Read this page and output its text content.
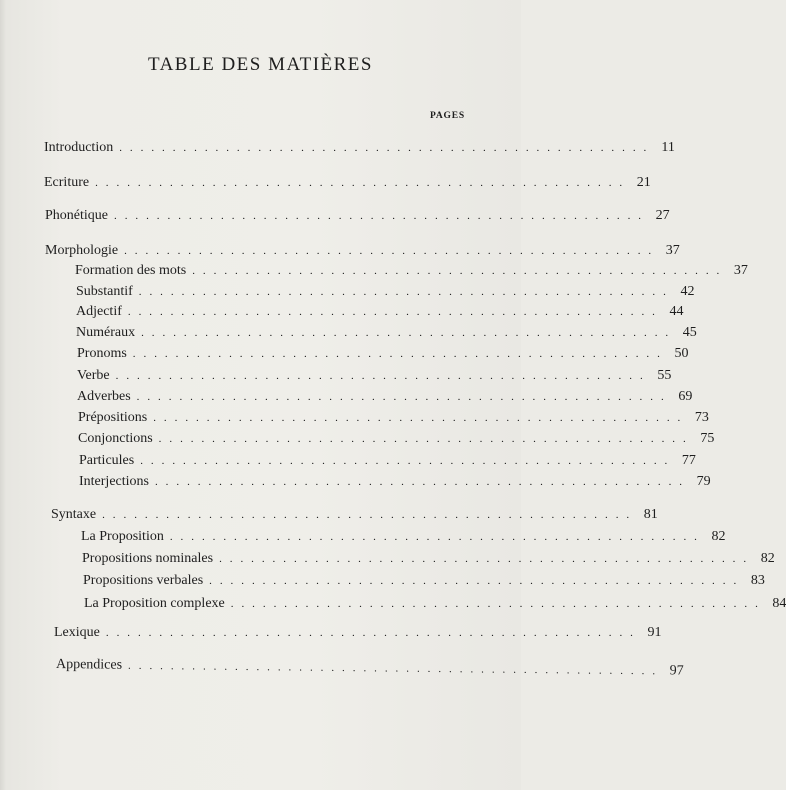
TABLE DES MATIÈRES
PAGES
Introduction . . . . . . . . . . . . . . . . . . . . . . . . . . . . . . . . . . . . . . . . . . . . . . . . . . 11
Ecriture . . . . . . . . . . . . . . . . . . . . . . . . . . . . . . . . . . . . . . . . . . . . . . . . . . 21
Phonétique . . . . . . . . . . . . . . . . . . . . . . . . . . . . . . . . . . . . . . . . . . . . . . . . . . 27
Morphologie . . . . . . . . . . . . . . . . . . . . . . . . . . . . . . . . . . . . . . . . . . . . . . . . . . 37
Formation des mots . . . . . . . . . . . . . . . . . . . . . . . . . . . . . . . . . . . . . . . . . . . . . . . . . . 37
Substantif . . . . . . . . . . . . . . . . . . . . . . . . . . . . . . . . . . . . . . . . . . . . . . . . . . 42
Adjectif . . . . . . . . . . . . . . . . . . . . . . . . . . . . . . . . . . . . . . . . . . . . . . . . . . 44
Numéraux . . . . . . . . . . . . . . . . . . . . . . . . . . . . . . . . . . . . . . . . . . . . . . . . . . 45
Pronoms . . . . . . . . . . . . . . . . . . . . . . . . . . . . . . . . . . . . . . . . . . . . . . . . . . 50
Verbe . . . . . . . . . . . . . . . . . . . . . . . . . . . . . . . . . . . . . . . . . . . . . . . . . . 55
Adverbes . . . . . . . . . . . . . . . . . . . . . . . . . . . . . . . . . . . . . . . . . . . . . . . . . . 69
Prépositions . . . . . . . . . . . . . . . . . . . . . . . . . . . . . . . . . . . . . . . . . . . . . . . . . . 73
Conjonctions . . . . . . . . . . . . . . . . . . . . . . . . . . . . . . . . . . . . . . . . . . . . . . . . . . 75
Particules . . . . . . . . . . . . . . . . . . . . . . . . . . . . . . . . . . . . . . . . . . . . . . . . . . 77
Interjections . . . . . . . . . . . . . . . . . . . . . . . . . . . . . . . . . . . . . . . . . . . . . . . . . . 79
Syntaxe . . . . . . . . . . . . . . . . . . . . . . . . . . . . . . . . . . . . . . . . . . . . . . . . . . 81
La Proposition . . . . . . . . . . . . . . . . . . . . . . . . . . . . . . . . . . . . . . . . . . . . . . . . . . 82
Propositions nominales . . . . . . . . . . . . . . . . . . . . . . . . . . . . . . . . . . . . . . . . . . . . . . . . . . 82
Propositions verbales . . . . . . . . . . . . . . . . . . . . . . . . . . . . . . . . . . . . . . . . . . . . . . . . . . 83
La Proposition complexe . . . . . . . . . . . . . . . . . . . . . . . . . . . . . . . . . . . . . . . . . . . . . . . . . . 84
Lexique . . . . . . . . . . . . . . . . . . . . . . . . . . . . . . . . . . . . . . . . . . . . . . . . . . 91
Appendices . . . . . . . . . . . . . . . . . . . . . . . . . . . . . . . . . . . . . . . . . . . . . . . . . . 97
